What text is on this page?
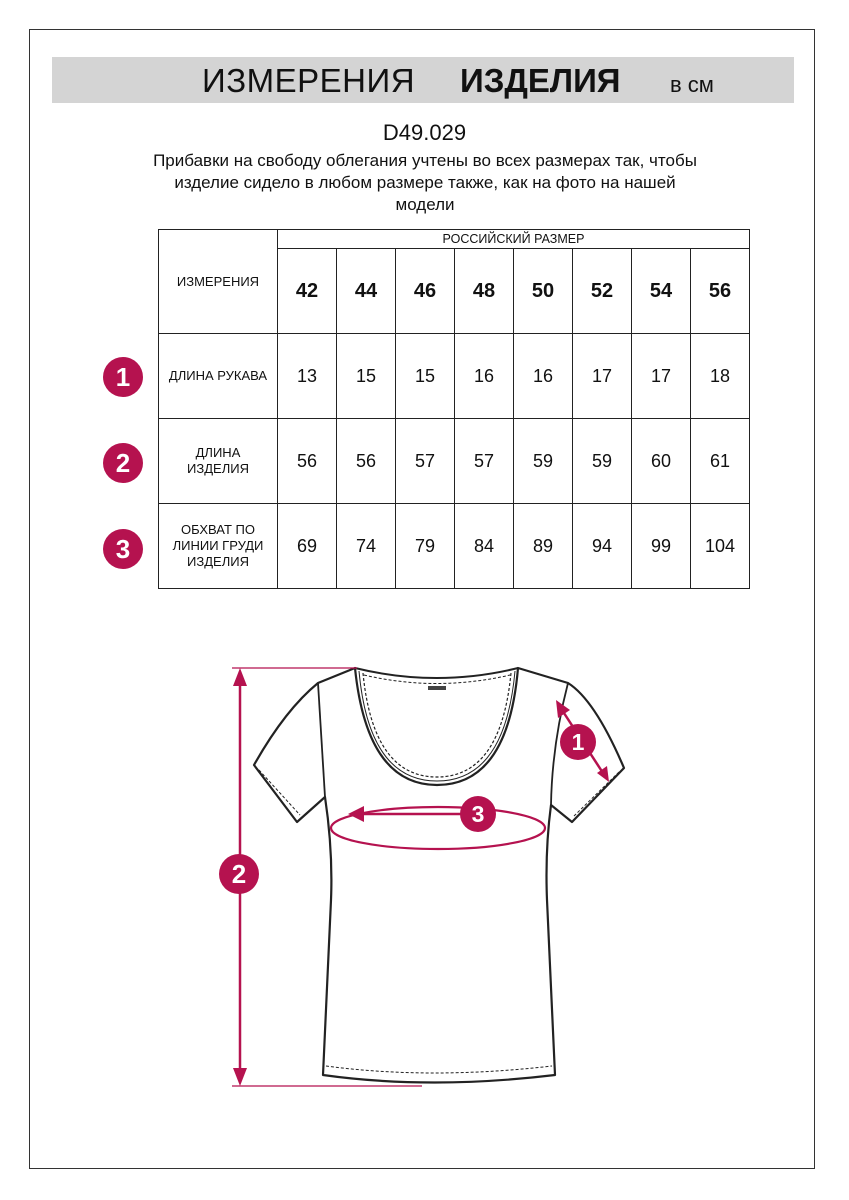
ИЗМЕРЕНИЯ ИЗДЕЛИЯ в см
D49.029
Прибавки на свободу облегания учтены во всех размерах так, чтобы
изделие сидело в любом размере также, как на фото на нашей
модели
ИЗМЕРЕНИЯ	РОССИЙСКИЙ РАЗМЕР							
	42	44	46	48	50	52	54	56
ДЛИНА РУКАВА	13	15	15	16	16	17	17	18

ДЛИНА
ИЗДЕЛИЯ	56	56	57	57	59	59	60	61

ОБХВАТ ПО
ЛИНИИ ГРУДИ
ИЗДЕЛИЯ	69	74	79	84	89	94	99	104
1
2
3
1
2
3
